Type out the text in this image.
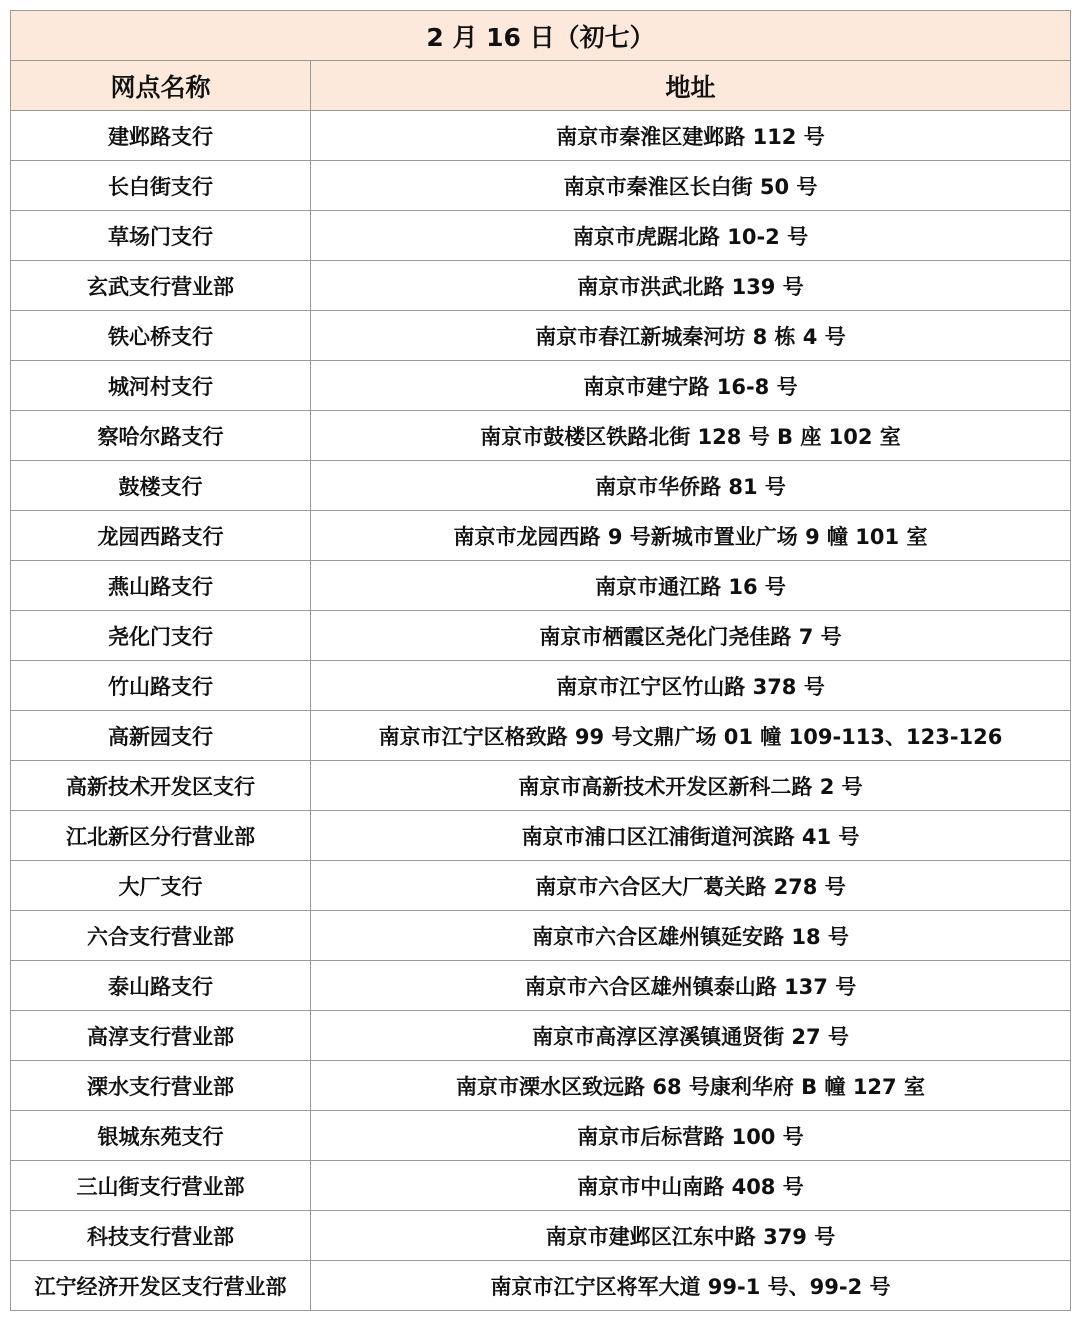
2 月 16 日（初七）	
网点名称	地址
建邺路支行	南京市秦淮区建邺路 112 号
长白街支行	南京市秦淮区长白街 50 号
草场门支行	南京市虎踞北路 10-2 号
玄武支行营业部	南京市洪武北路 139 号
铁心桥支行	南京市春江新城秦河坊 8 栋 4 号
城河村支行	南京市建宁路 16-8 号
察哈尔路支行	南京市鼓楼区铁路北街 128 号 B 座 102 室
鼓楼支行	南京市华侨路 81 号
龙园西路支行	南京市龙园西路 9 号新城市置业广场 9 幢 101 室
燕山路支行	南京市通江路 16 号
尧化门支行	南京市栖霞区尧化门尧佳路 7 号
竹山路支行	南京市江宁区竹山路 378 号
高新园支行	南京市江宁区格致路 99 号文鼎广场 01 幢 109-113、123-126
高新技术开发区支行	南京市高新技术开发区新科二路 2 号
江北新区分行营业部	南京市浦口区江浦街道河滨路 41 号
大厂支行	南京市六合区大厂葛关路 278 号
六合支行营业部	南京市六合区雄州镇延安路 18 号
泰山路支行	南京市六合区雄州镇泰山路 137 号
高淳支行营业部	南京市高淳区淳溪镇通贤街 27 号
溧水支行营业部	南京市溧水区致远路 68 号康利华府 B 幢 127 室
银城东苑支行	南京市后标营路 100 号
三山街支行营业部	南京市中山南路 408 号
科技支行营业部	南京市建邺区江东中路 379 号
江宁经济开发区支行营业部	南京市江宁区将军大道 99-1 号、99-2 号
